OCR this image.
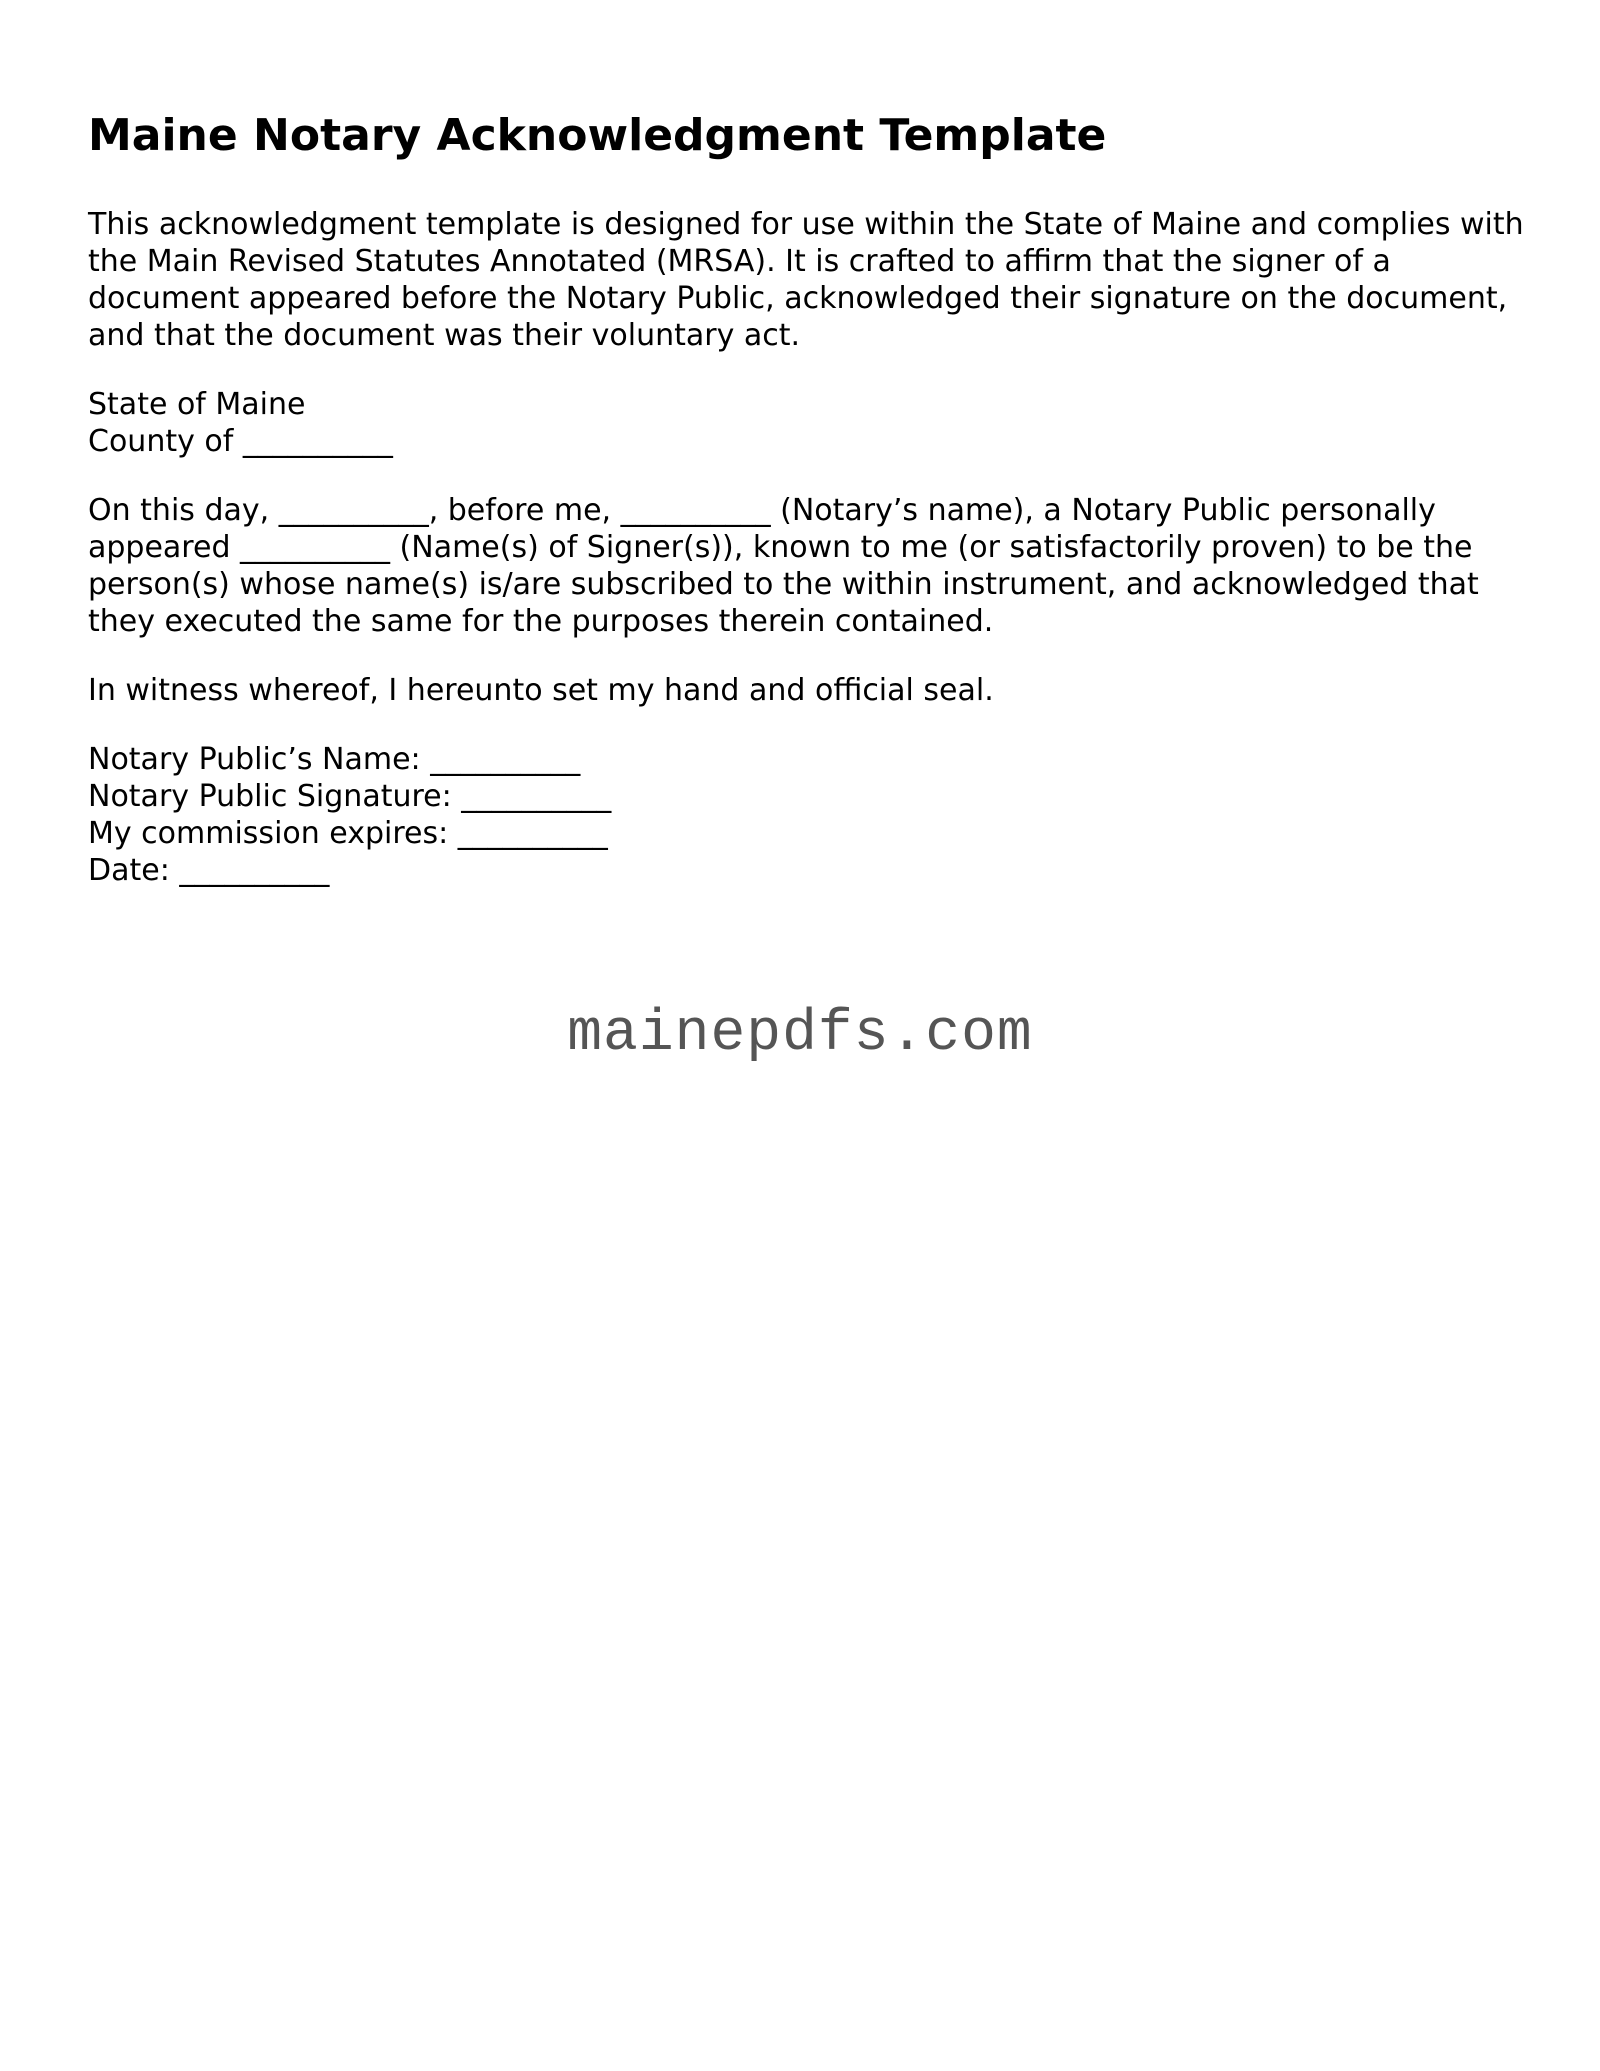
Maine Notary Acknowledgment Template

This acknowledgment template is designed for use within the State of Maine and complies with the Main Revised Statutes Annotated (MRSA). It is crafted to affirm that the signer of a document appeared before the Notary Public, acknowledged their signature on the document, and that the document was their voluntary act.

State of Maine
County of __________

On this day, __________, before me, __________ (Notary’s name), a Notary Public personally appeared __________ (Name(s) of Signer(s)), known to me (or satisfactorily proven) to be the person(s) whose name(s) is/are subscribed to the within instrument, and acknowledged that they executed the same for the purposes therein contained.

In witness whereof, I hereunto set my hand and official seal.

Notary Public’s Name: __________
Notary Public Signature: __________
My commission expires: __________
Date: __________

mainepdfs.com
